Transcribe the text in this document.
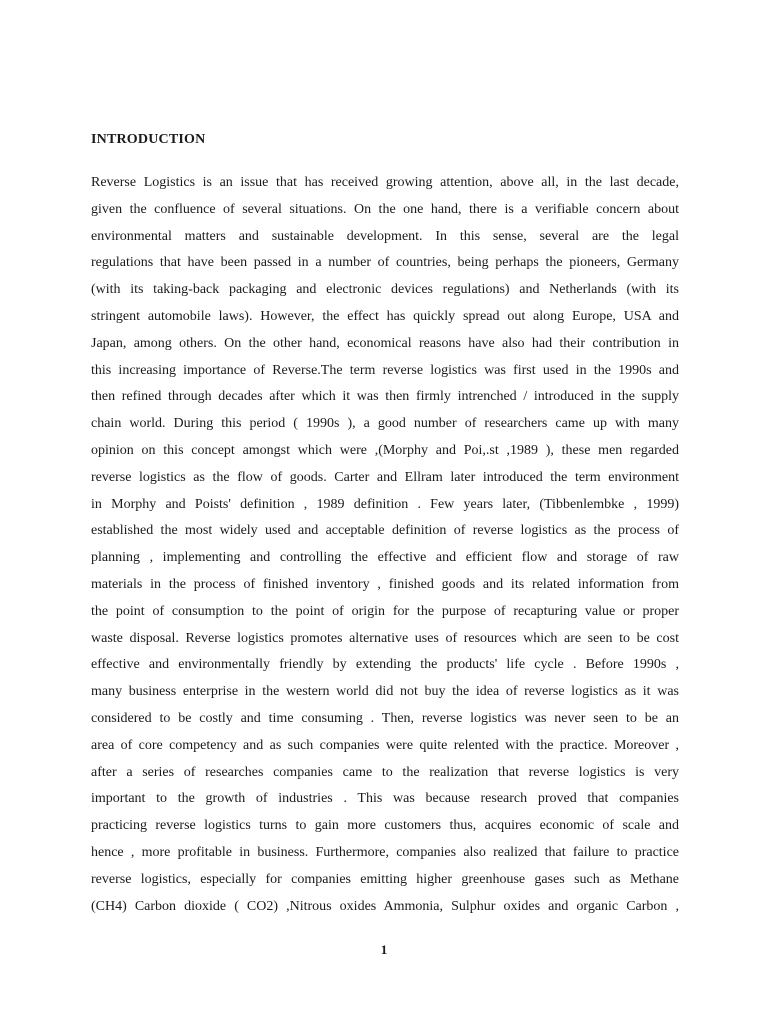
INTRODUCTION
Reverse Logistics is an issue that has received growing attention, above all, in the last decade,
given the confluence of several situations. On the one hand, there is a verifiable concern about
environmental matters and sustainable development. In this sense, several are the legal
regulations that have been passed in a number of countries, being perhaps the pioneers, Germany
(with its taking-back packaging and electronic devices regulations) and Netherlands (with its
stringent automobile laws). However, the effect has quickly spread out along Europe, USA and
Japan, among others. On the other hand, economical reasons have also had their contribution in
this increasing importance of Reverse.The term reverse logistics was first used in the 1990s and
then refined through decades after which it was then firmly intrenched / introduced in the supply
chain world. During this period ( 1990s ), a good number of researchers came up with many
opinion on this concept amongst which were ,(Morphy and Poi,.st ,1989 ), these men regarded
reverse logistics as the flow of goods. Carter and Ellram later introduced the term environment
in Morphy and Poists' definition , 1989 definition . Few years later, (Tibbenlembke , 1999)
established the most widely used and acceptable definition of reverse logistics as the process of
planning , implementing and controlling the effective and efficient flow and storage of raw
materials in the process of finished inventory , finished goods and its related information from
the point of consumption to the point of origin for the purpose of recapturing value or proper
waste disposal. Reverse logistics promotes alternative uses of resources which are seen to be cost
effective and environmentally friendly by extending the products' life cycle . Before 1990s ,
many business enterprise in the western world did not buy the idea of reverse logistics as it was
considered to be costly and time consuming . Then, reverse logistics was never seen to be an
area of core competency and as such companies were quite relented with the practice. Moreover ,
after a series of researches companies came to the realization that reverse logistics is very
important to the growth of industries . This was because research proved that companies
practicing reverse logistics turns to gain more customers thus, acquires economic of scale and
hence , more profitable in business. Furthermore, companies also realized that failure to practice
reverse logistics, especially for companies emitting higher greenhouse gases such as Methane
(CH4) Carbon dioxide ( CO2) ,Nitrous oxides Ammonia, Sulphur oxides and organic Carbon ,
1
